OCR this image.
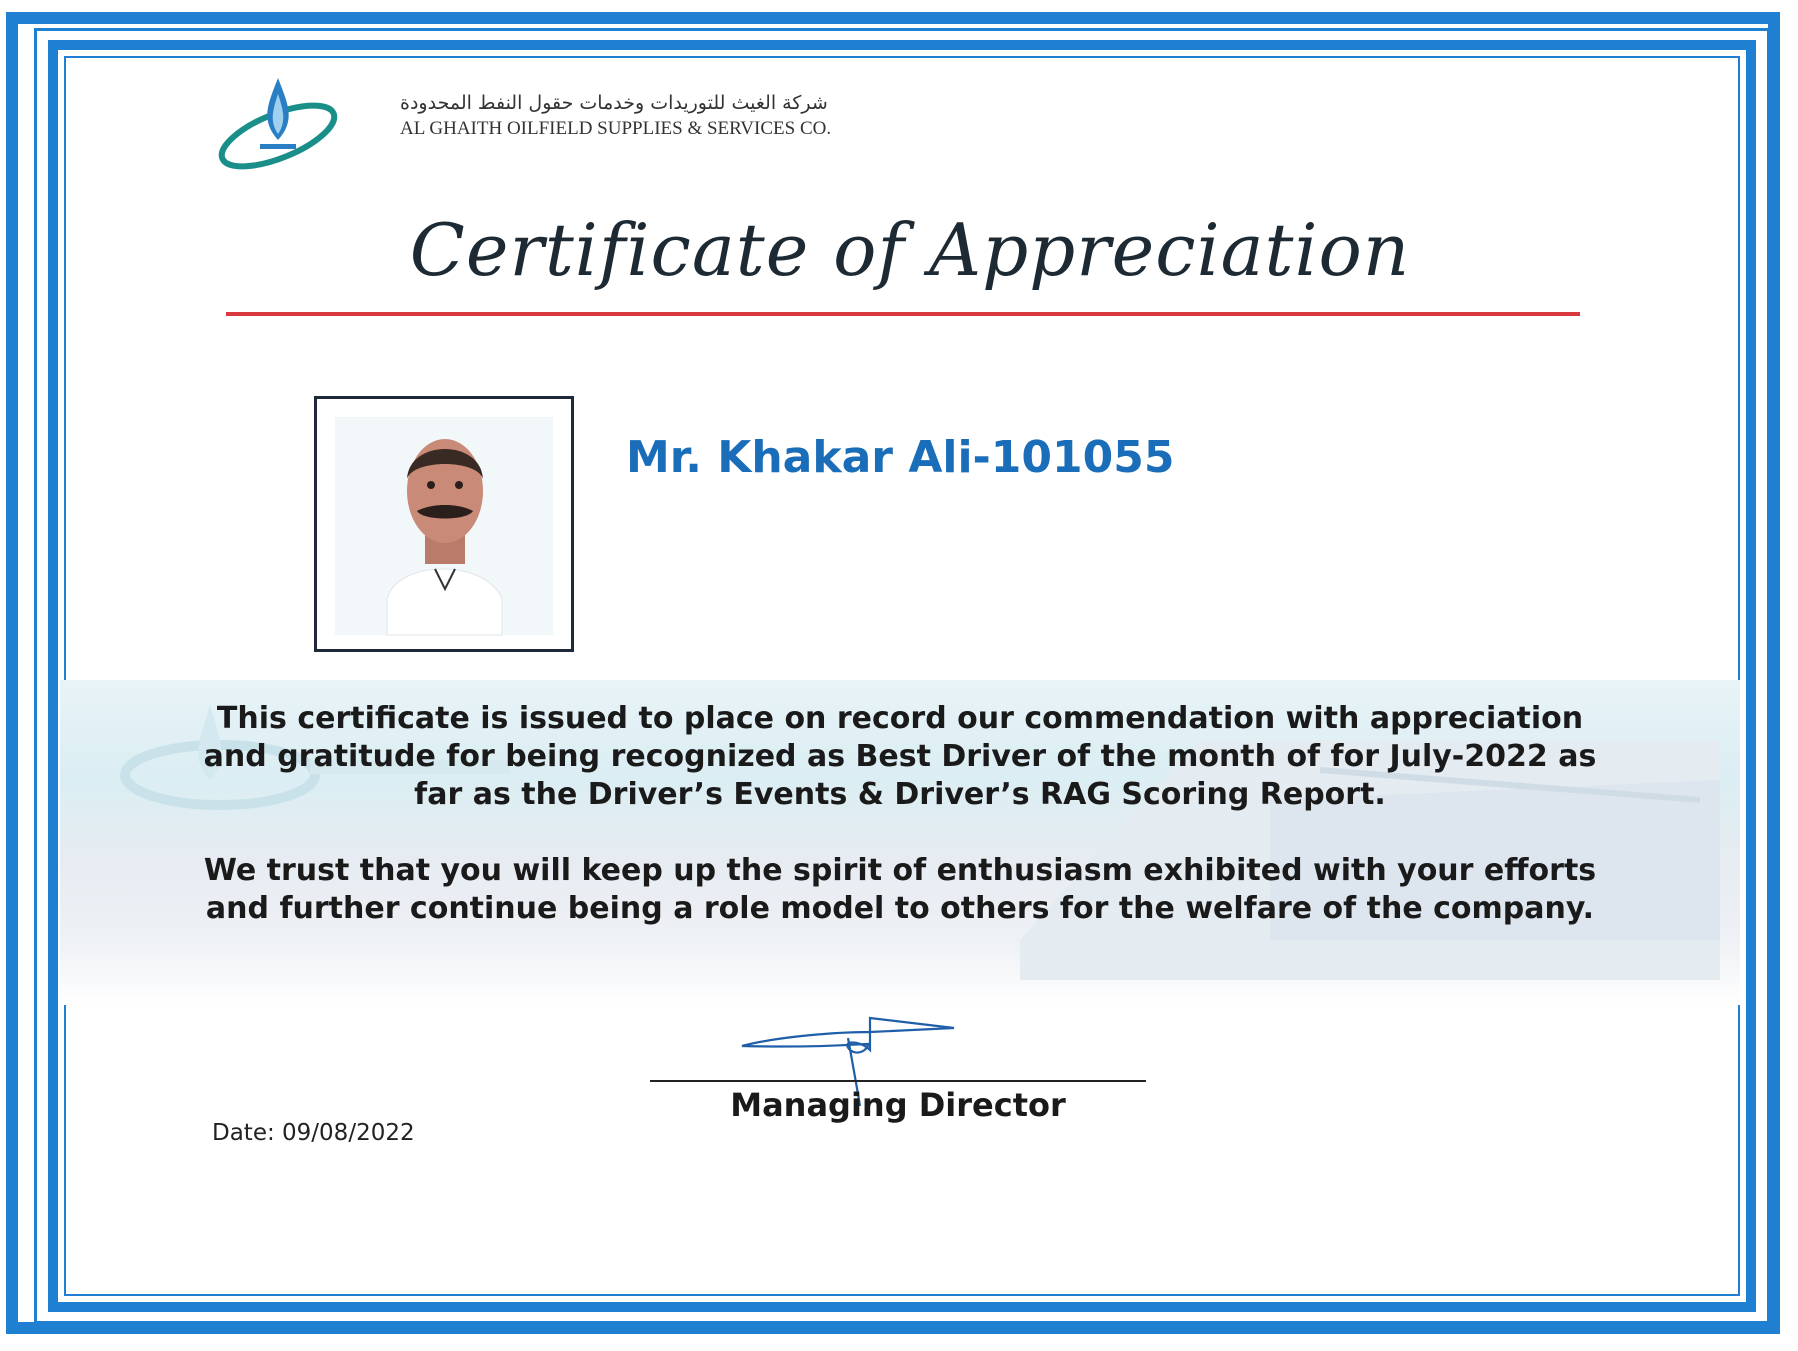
شركة الغيث للتوريدات وخدمات حقول النفط المحدودة
AL GHAITH OILFIELD SUPPLIES & SERVICES CO.
Certificate of Appreciation
Mr. Khakar Ali-101055
This certificate is issued to place on record our commendation with appreciation
and gratitude for being recognized as Best Driver of the month of for July-2022 as
far as the Driver’s Events & Driver’s RAG Scoring Report.
We trust that you will keep up the spirit of enthusiasm exhibited with your efforts
and further continue being a role model to others for the welfare of the company.
Managing Director
Date: 09/08/2022
